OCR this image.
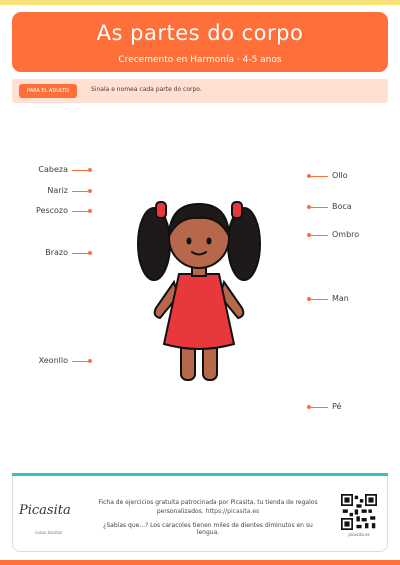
As partes do corpo
Crecemento en Harmonía · 4-5 anos
PARA EL ADULTO	Sinala e nomea cada parte do corpo.
Cabeza
Nariz
Pescozo
Brazo
Xeonllo
Ollo
Boca
Ombro
Man
Pé
Picasita
cosas bonitas
Ficha de ejercicios gratuita patrocinada por Picasita, tu tienda de regalos
personalizados. https://picasita.es
¿Sabías que...? Los caracoles tienen miles de dientes diminutos en su lengua.	picasita.es
